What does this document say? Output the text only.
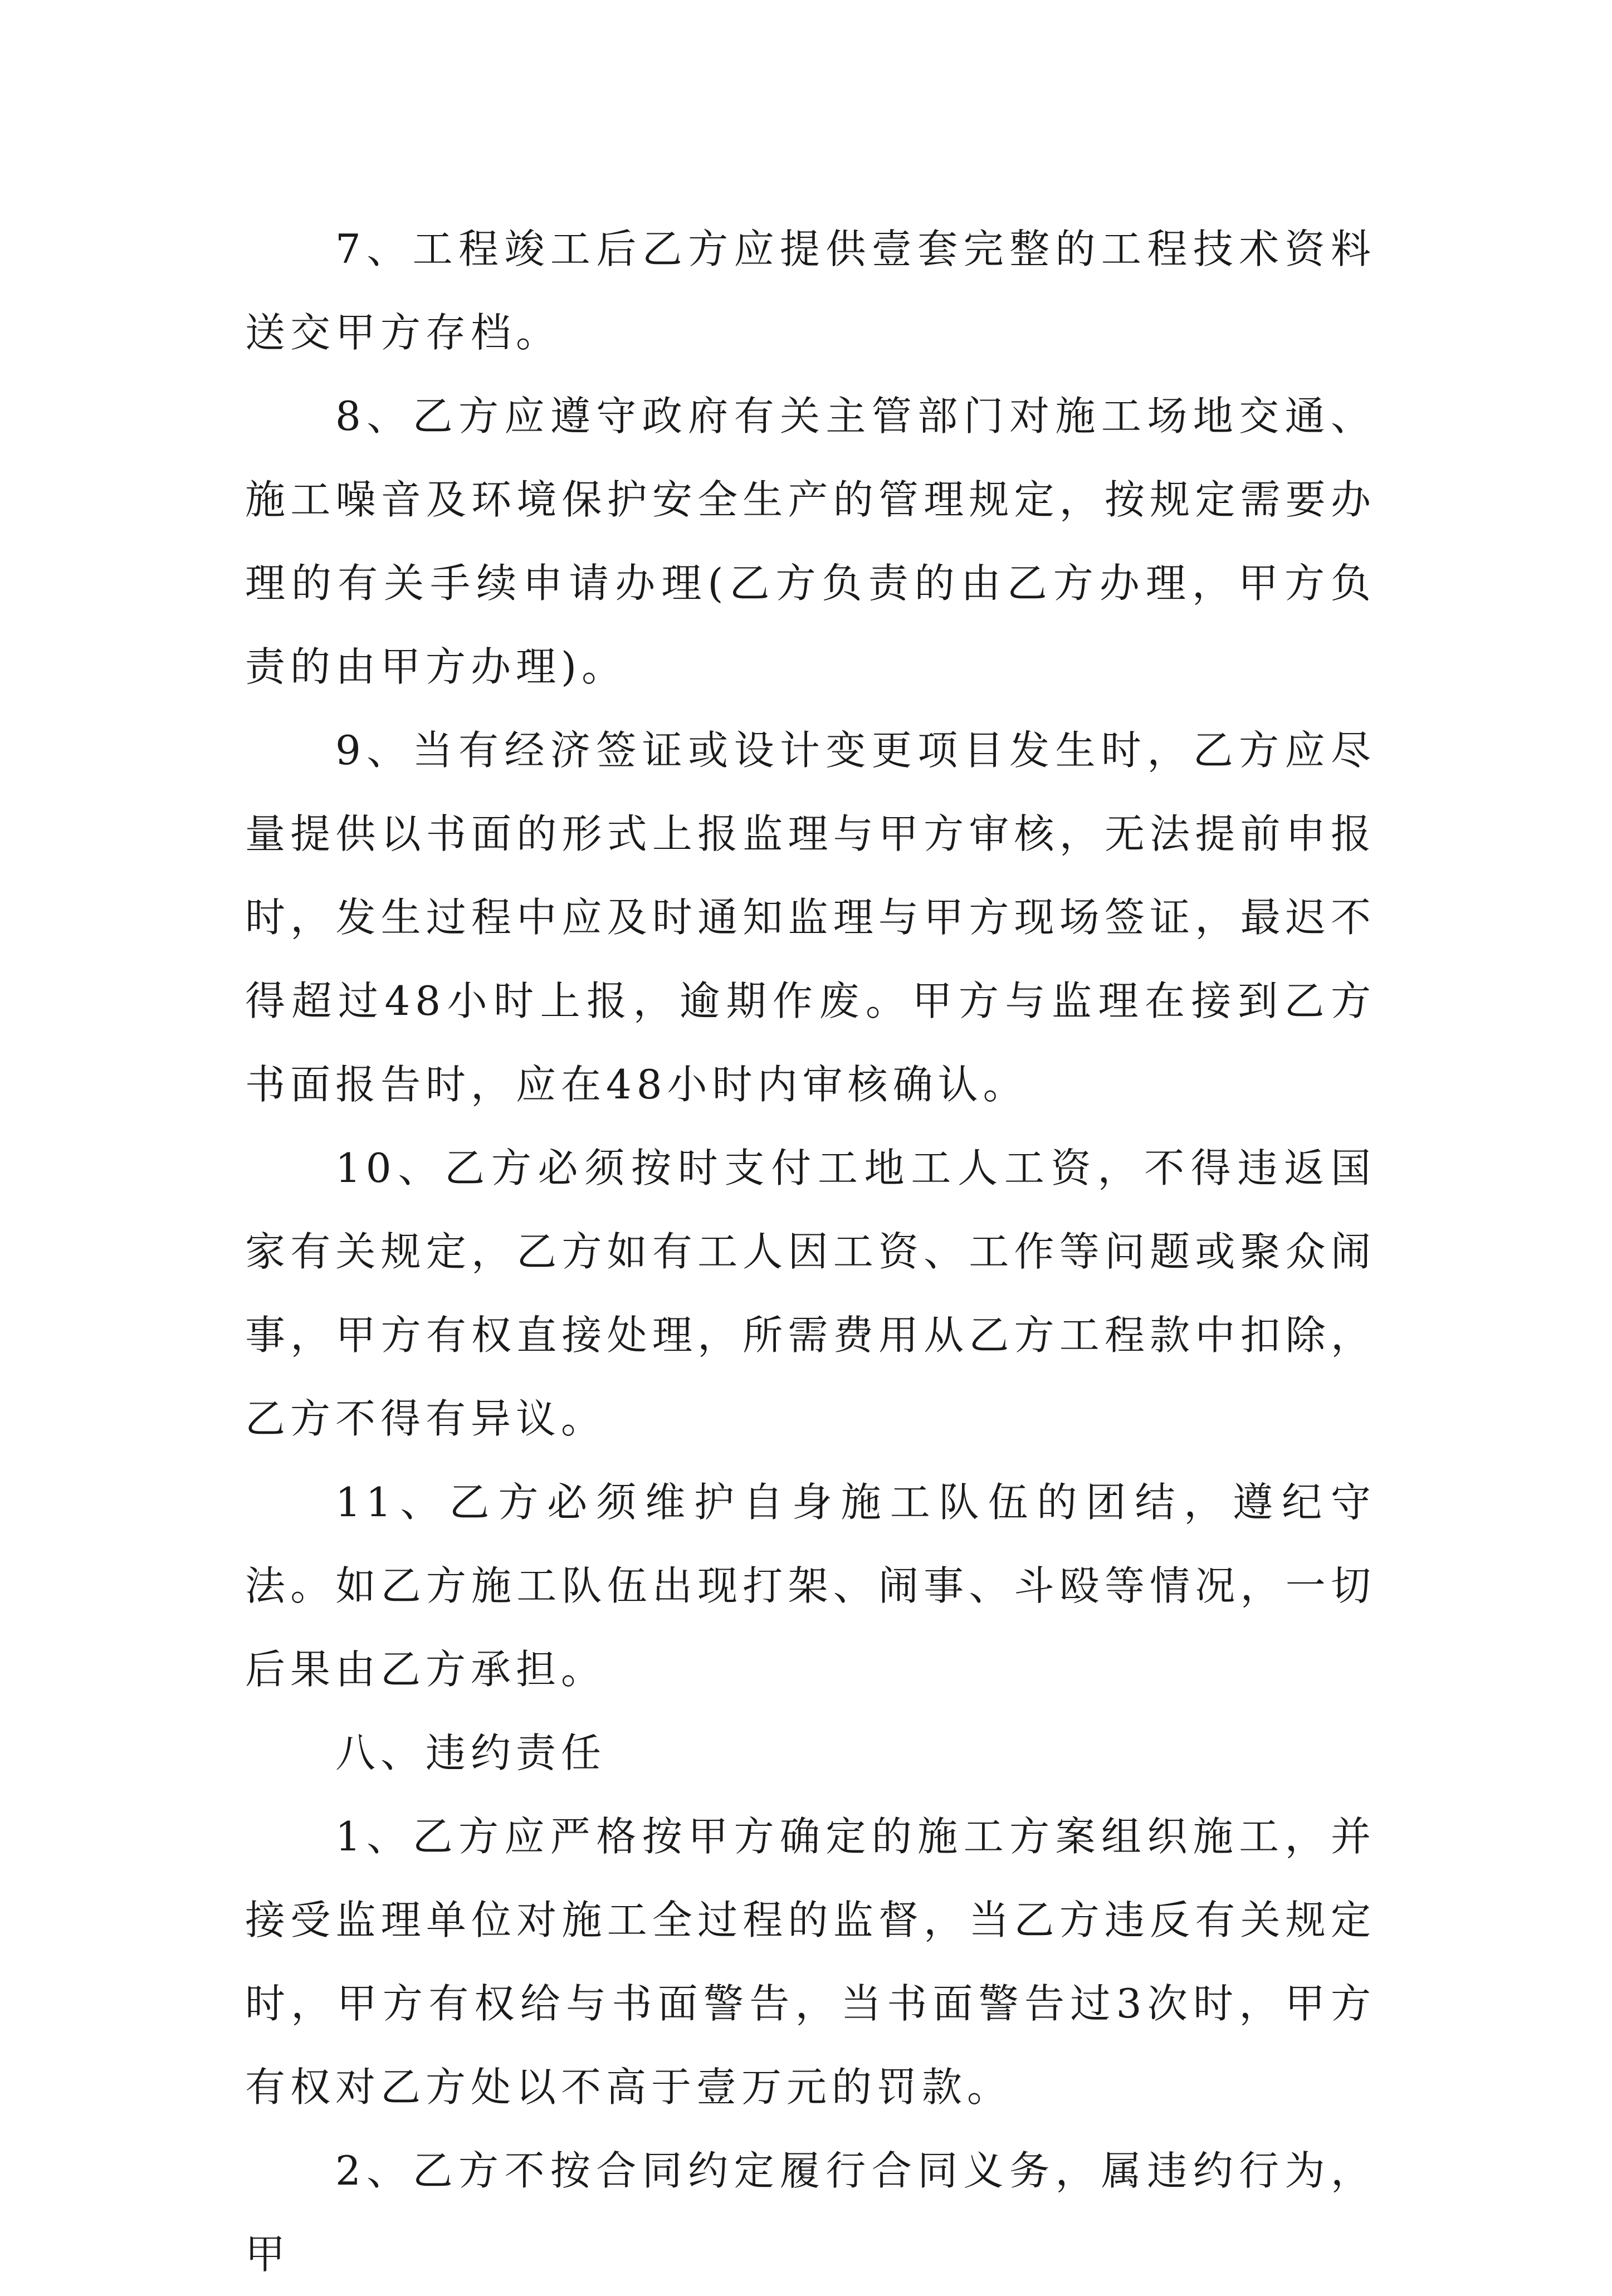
7、工程竣工后乙方应提供壹套完整的工程技术资料送交甲方存档。

8、乙方应遵守政府有关主管部门对施工场地交通、施工噪音及环境保护安全生产的管理规定，按规定需要办理的有关手续申请办理(乙方负责的由乙方办理，甲方负责的由甲方办理)。

9、当有经济签证或设计变更项目发生时，乙方应尽量提供以书面的形式上报监理与甲方审核，无法提前申报时，发生过程中应及时通知监理与甲方现场签证，最迟不得超过48小时上报，逾期作废。甲方与监理在接到乙方书面报告时，应在48小时内审核确认。

10、乙方必须按时支付工地工人工资，不得违返国家有关规定，乙方如有工人因工资、工作等问题或聚众闹事，甲方有权直接处理，所需费用从乙方工程款中扣除，乙方不得有异议。

11、乙方必须维护自身施工队伍的团结，遵纪守法。如乙方施工队伍出现打架、闹事、斗殴等情况，一切后果由乙方承担。

八、违约责任

1、乙方应严格按甲方确定的施工方案组织施工，并接受监理单位对施工全过程的监督，当乙方违反有关规定时，甲方有权给与书面警告，当书面警告过3次时，甲方有权对乙方处以不高于壹万元的罚款。

2、乙方不按合同约定履行合同义务，属违约行为，甲
